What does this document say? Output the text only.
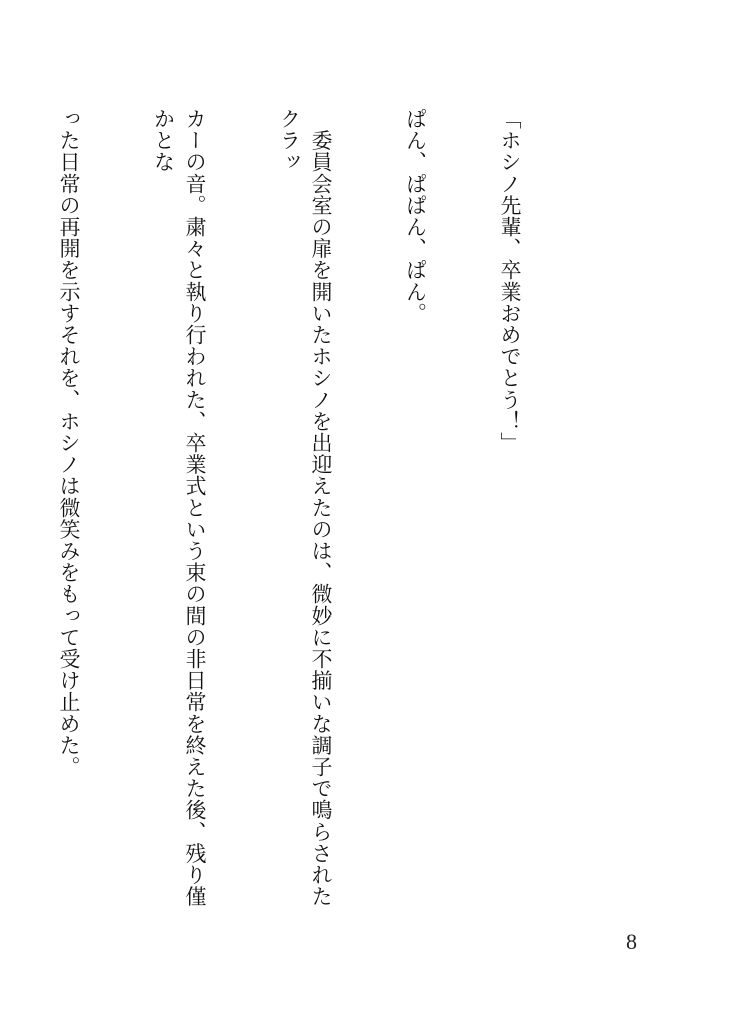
「ホシノ先輩、卒業おめでとう！」

ぱん、ぱぱん、ぱん。

　委員会室の扉を開いたホシノを出迎えたのは、微妙に不揃いな調子で鳴らされたクラッ

カーの音。粛々と執り行われた、卒業式という束の間の非日常を終えた後、残り僅かとな

った日常の再開を示すそれを、ホシノは微笑みをもって受け止めた。

8
